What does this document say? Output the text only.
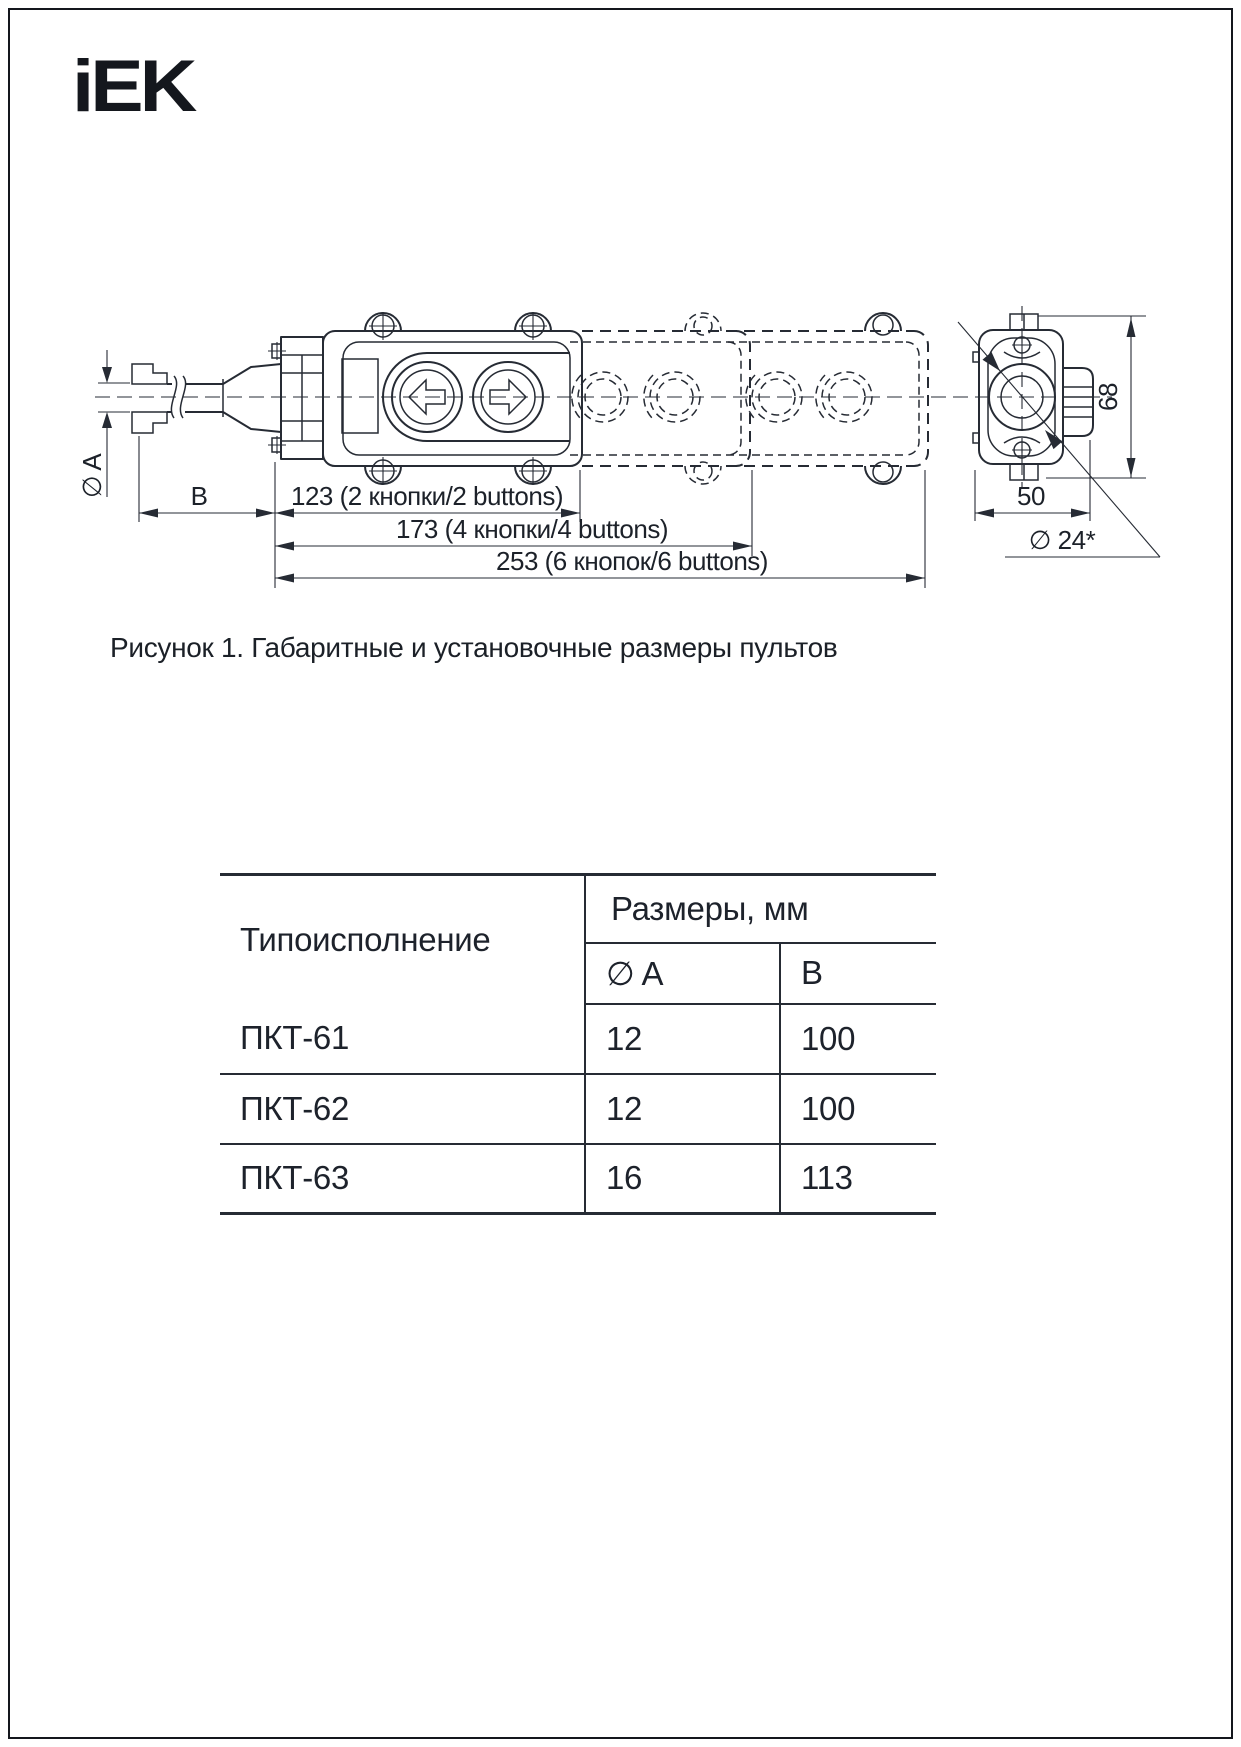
iEK
∅ A	B	123 (2 кнопки/2 buttons)
173 (4 кнопки/4 buttons)
253 (6 кнопок/6 buttons)
68
50
∅ 24*
Рисунок 1. Габаритные и установочные размеры пультов
Типоисполнение	Размеры, мм	
	∅ A	B
ПКТ-61	12	100
ПКТ-62	12	100
ПКТ-63	16	113
